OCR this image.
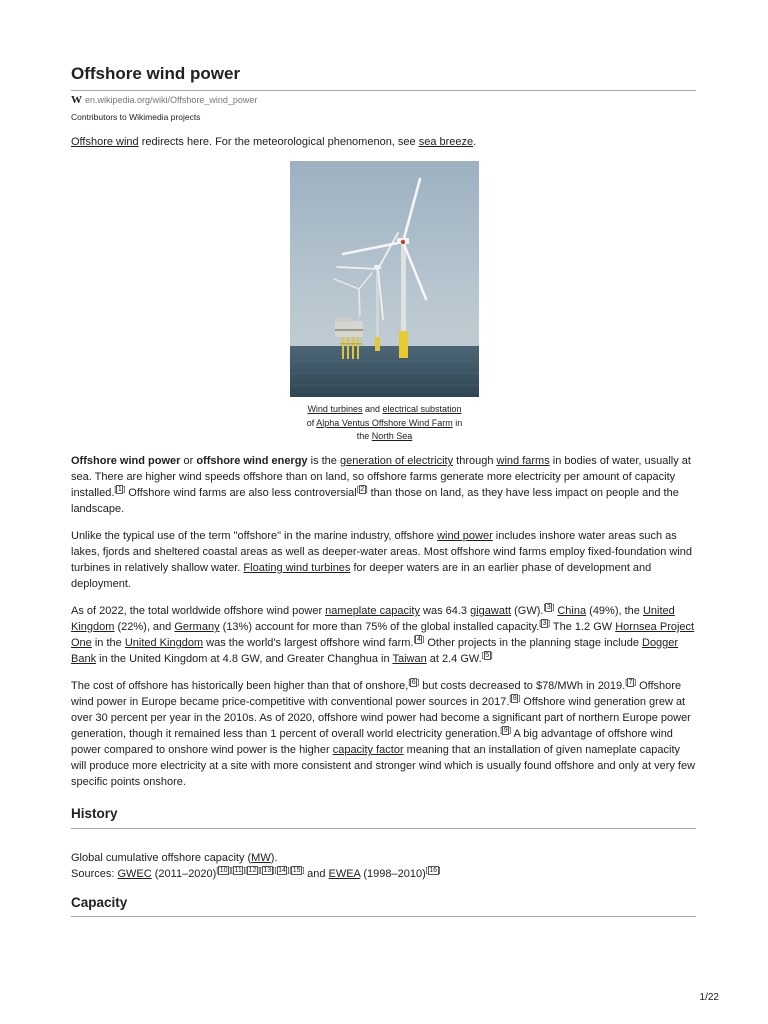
Offshore wind power
W en.wikipedia.org/wiki/Offshore_wind_power
Contributors to Wikimedia projects

Offshore wind redirects here. For the meteorological phenomenon, see sea breeze.

Wind turbines and electrical substation
of Alpha Ventus Offshore Wind Farm in
the North Sea

Offshore wind power or offshore wind energy is the generation of electricity through wind farms in bodies of water, usually at sea. There are higher wind speeds offshore than on land, so offshore farms generate more electricity per amount of capacity installed.[ 1 ] Offshore wind farms are also less controversial[ 2 ] than those on land, as they have less impact on people and the landscape.

Unlike the typical use of the term "offshore" in the marine industry, offshore wind power includes inshore water areas such as lakes, fjords and sheltered coastal areas as well as deeper-water areas. Most offshore wind farms employ fixed-foundation wind turbines in relatively shallow water. Floating wind turbines for deeper waters are in an earlier phase of development and deployment.

As of 2022, the total worldwide offshore wind power nameplate capacity was 64.3 gigawatt (GW).[ 3 ] China (49%), the United Kingdom (22%), and Germany (13%) account for more than 75% of the global installed capacity.[ 3 ] The 1.2 GW Hornsea Project One in the United Kingdom was the world's largest offshore wind farm.[ 4 ] Other projects in the planning stage include Dogger Bank in the United Kingdom at 4.8 GW, and Greater Changhua in Taiwan at 2.4 GW.[ 5 ]

The cost of offshore has historically been higher than that of onshore,[ 6 ] but costs decreased to $78/MWh in 2019.[ 7 ] Offshore wind power in Europe became price-competitive with conventional power sources in 2017.[ 8 ] Offshore wind generation grew at over 30 percent per year in the 2010s. As of 2020, offshore wind power had become a significant part of northern Europe power generation, though it remained less than 1 percent of overall world electricity generation.[ 9 ] A big advantage of offshore wind power compared to onshore wind power is the higher capacity factor meaning that an installation of given nameplate capacity will produce more electricity at a site with more consistent and stronger wind which is usually found offshore and only at very few specific points onshore.

History

Global cumulative offshore capacity (MW).
Sources: GWEC (2011–2020)[ 10 ][ 11 ][ 12 ][ 13 ][ 14 ][ 15 ] and EWEA (1998–2010)[ 16 ]

Capacity
1/22
